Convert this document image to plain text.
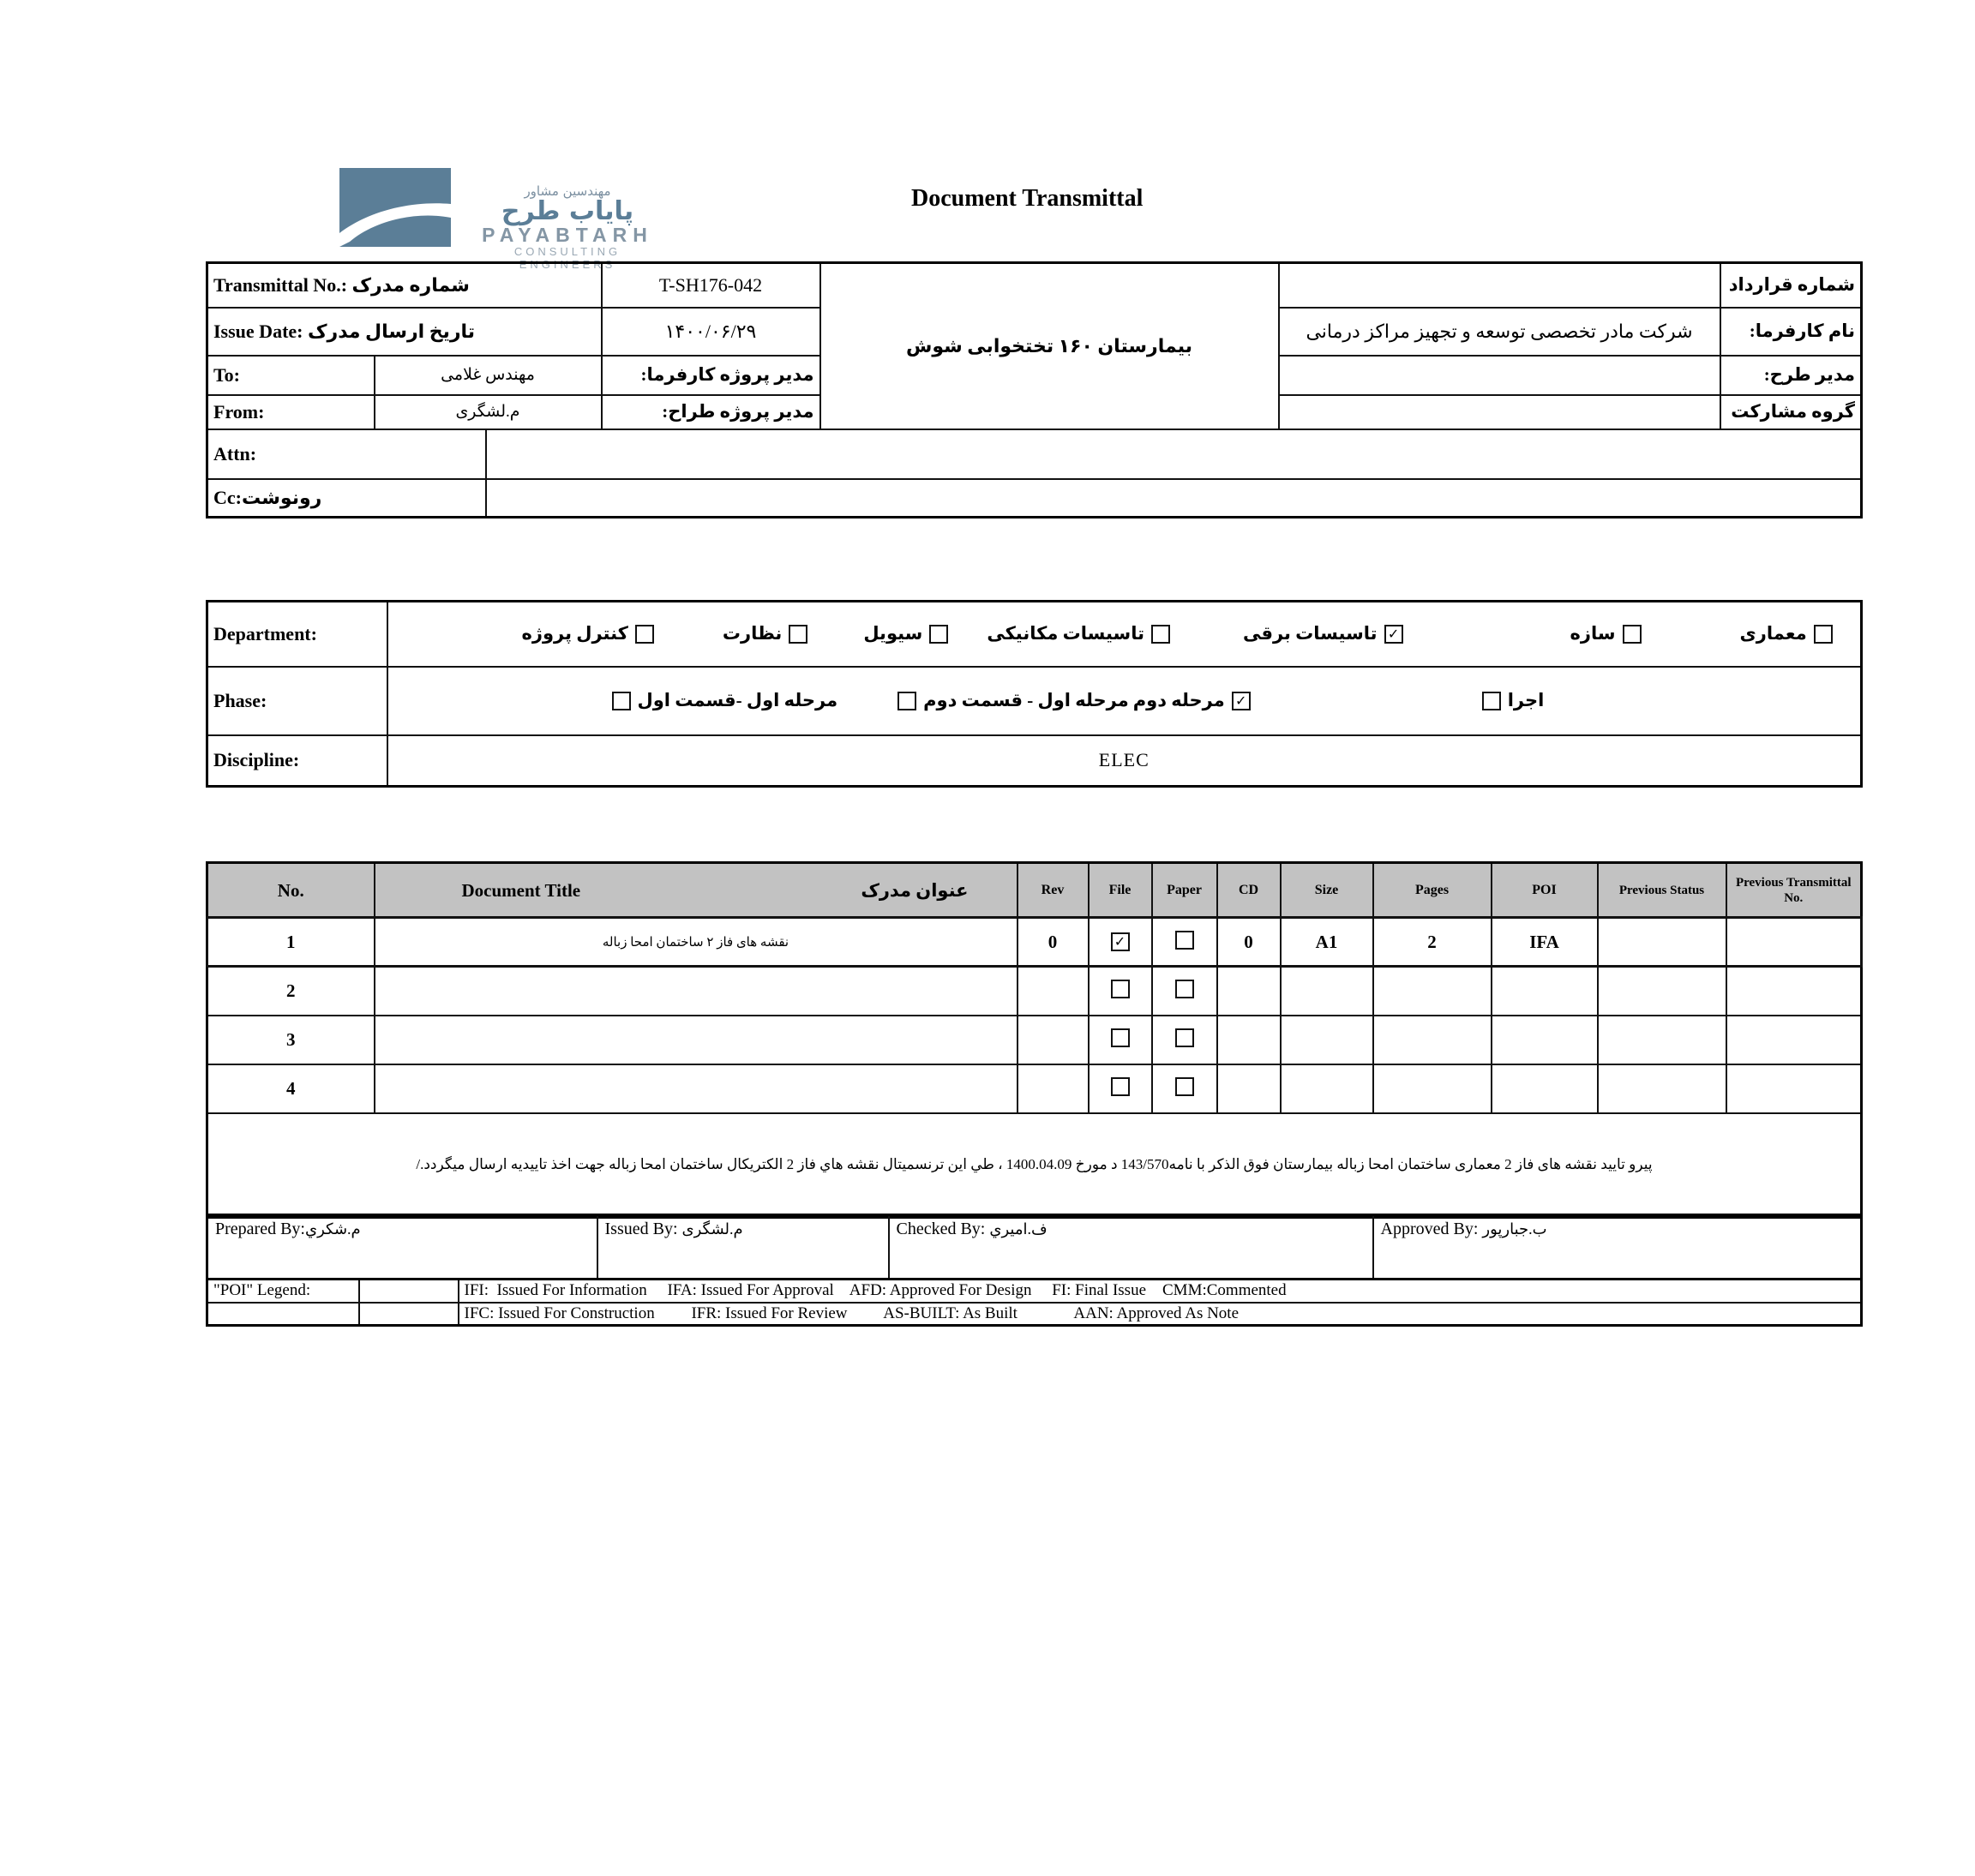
مهندسین مشاور
پایاب طرح
PAYABTARH
CONSULTING ENGINEERS
Document Transmittal
Transmittal No.: شماره مدرک			T-SH176-042	بیمارستان ۱۶۰ تختخوابی شوش		شماره قرارداد
Issue Date: تاریخ ارسال مدرک			۱۴۰۰/۰۶/۲۹		شرکت مادر تخصصی توسعه و تجهیز مراکز درمانی	نام کارفرما:
To:	مهندس غلامی		مدیر پروژه کارفرما:			مدیر طرح:
From:	م.لشگری		مدیر پروژه طراح:			گروه مشارکت
Attn:						
Cc:رونوشت						
Department:	کنترل پروژه	نظارت	سیویل	تاسیسات مکانیکی	تاسیسات برقی ✓	سازه	معماری

Phase:	مرحله اول -قسمت اول مرحله اول - قسمت دوم مرحله دوم ✓ اجرا

Discipline:	ELEC
No.	Document Title عنوان مدرک	Rev	File	Paper	CD	Size	Pages	POI	Previous Status	Previous Transmittal No.
1	نقشه های فاز ۲ ساختمان امحا زباله	0	✓		0	A1	2	IFA		
2										
3										
4										
پیرو تایید نقشه های فاز 2 معماری ساختمان امحا زباله بیمارستان فوق الذکر با نامه143/570 د مورخ 1400.04.09 ، طي اين ترنسميتال نقشه هاي فاز 2 الكتريكال ساختمان امحا زباله جهت اخذ تاييديه ارسال ميگردد./										
Prepared By:م.شكري	Issued By: م.لشگری	Checked By: ف.امیري	Approved By: ب.جبارپور
"POI" Legend:		IFI:  Issued For Information     IFA: Issued For Approval    AFD: Approved For Design     FI: Final Issue    CMM:Commented
		IFC: Issued For Construction         IFR: Issued For Review         AS-BUILT: As Built              AAN: Approved As Note
